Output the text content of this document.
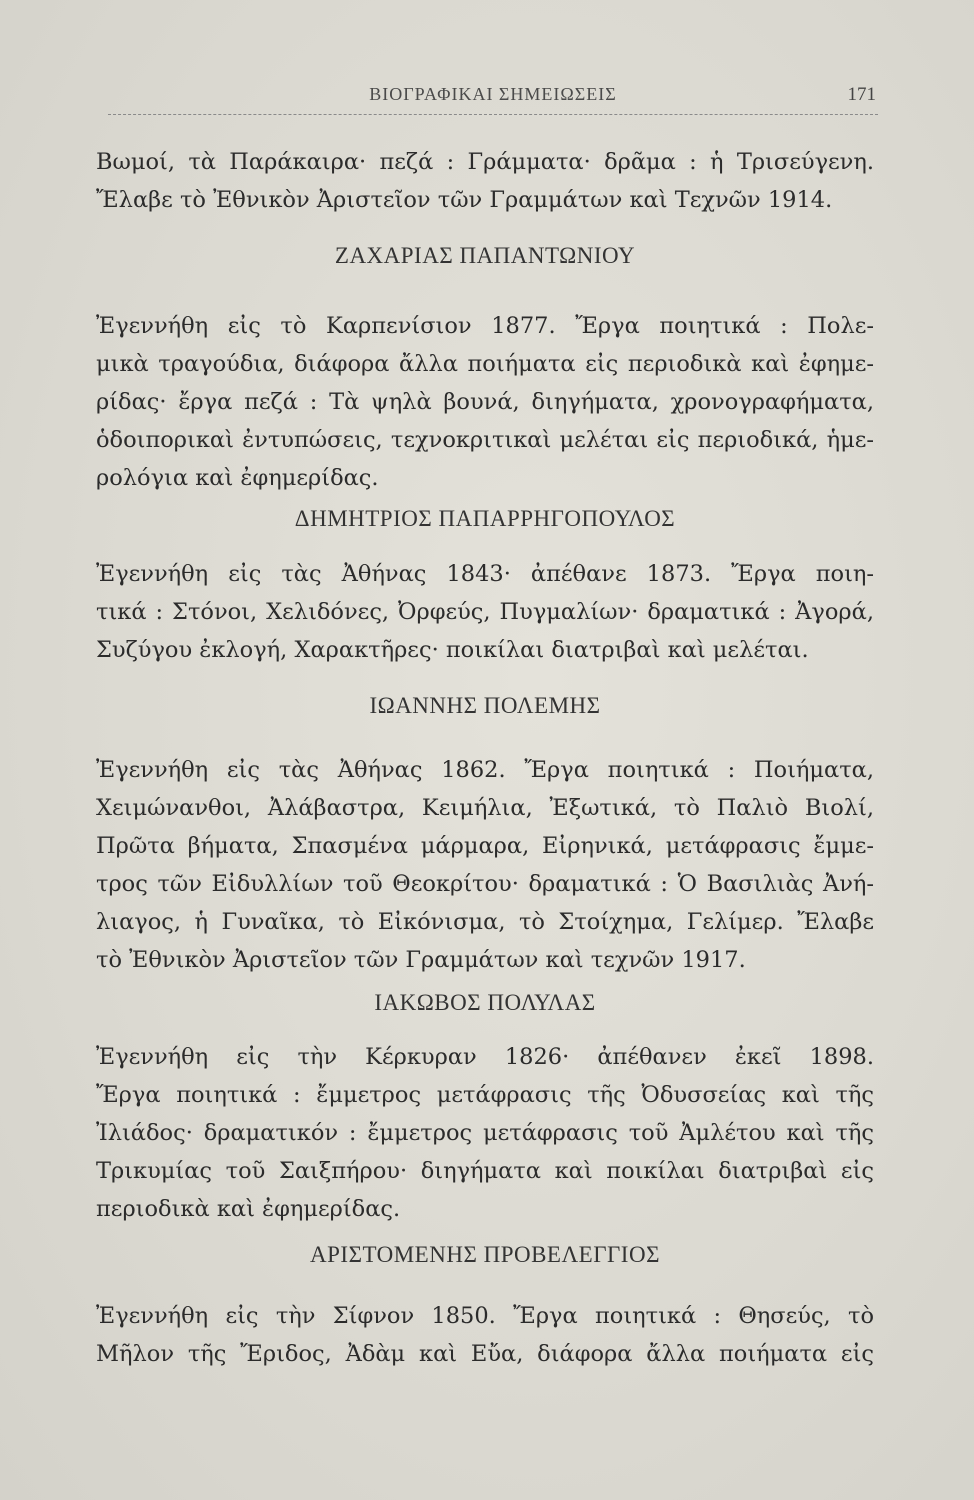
ΒΙΟΓΡΑΦΙΚΑΙ ΣΗΜΕΙΩΣΕΙΣ	171
Βωμοί, τὰ Παράκαιρα· πεζά : Γράμματα· δρᾶμα : ἡ Τρισεύγενη.
Ἔλαβε τὸ Ἐθνικὸν Ἀριστεῖον τῶν Γραμμάτων καὶ Τεχνῶν 1914.
ΖΑΧΑΡΙΑΣ ΠΑΠΑΝΤΩΝΙΟΥ
Ἐγεννήθη εἰς τὸ Καρπενίσιον 1877. Ἔργα ποιητικά : Πολε-
μικὰ τραγούδια, διάφορα ἄλλα ποιήματα εἰς περιοδικὰ καὶ ἐφημε-
ρίδας· ἔργα πεζά : Τὰ ψηλὰ βουνά, διηγήματα, χρονογραφήματα,
ὁδοιπορικαὶ ἐντυπώσεις, τεχνοκριτικαὶ μελέται εἰς περιοδικά, ἡμε-
ρολόγια καὶ ἐφημερίδας.
ΔΗΜΗΤΡΙΟΣ ΠΑΠΑΡΡΗΓΟΠΟΥΛΟΣ
Ἐγεννήθη εἰς τὰς Ἀθήνας 1843· ἀπέθανε 1873. Ἔργα ποιη-
τικά : Στόνοι, Χελιδόνες, Ὀρφεύς, Πυγμαλίων· δραματικά : Ἀγορά,
Συζύγου ἐκλογή, Χαρακτῆρες· ποικίλαι διατριβαὶ καὶ μελέται.
ΙΩΑΝΝΗΣ ΠΟΛΕΜΗΣ
Ἐγεννήθη εἰς τὰς Ἀθήνας 1862. Ἔργα ποιητικά : Ποιήματα,
Χειμώνανθοι, Ἀλάβαστρα, Κειμήλια, Ἐξωτικά, τὸ Παλιὸ Βιολί,
Πρῶτα βήματα, Σπασμένα μάρμαρα, Εἰρηνικά, μετάφρασις ἔμμε-
τρος τῶν Εἰδυλλίων τοῦ Θεοκρίτου· δραματικά : Ὁ Βασιλιὰς Ἀνή-
λιαγος, ἡ Γυναῖκα, τὸ Εἰκόνισμα, τὸ Στοίχημα, Γελίμερ. Ἔλαβε
τὸ Ἐθνικὸν Ἀριστεῖον τῶν Γραμμάτων καὶ τεχνῶν 1917.
ΙΑΚΩΒΟΣ ΠΟΛΥΛΑΣ
Ἐγεννήθη εἰς τὴν Κέρκυραν 1826· ἀπέθανεν ἐκεῖ 1898.
Ἔργα ποιητικά : ἔμμετρος μετάφρασις τῆς Ὀδυσσείας καὶ τῆς
Ἰλιάδος· δραματικόν : ἔμμετρος μετάφρασις τοῦ Ἀμλέτου καὶ τῆς
Τρικυμίας τοῦ Σαιξπήρου· διηγήματα καὶ ποικίλαι διατριβαὶ εἰς
περιοδικὰ καὶ ἐφημερίδας.
ΑΡΙΣΤΟΜΕΝΗΣ ΠΡΟΒΕΛΕΓΓΙΟΣ
Ἐγεννήθη εἰς τὴν Σίφνον 1850. Ἔργα ποιητικά : Θησεύς, τὸ
Μῆλον τῆς Ἔριδος, Ἀδὰμ καὶ Εὔα, διάφορα ἄλλα ποιήματα εἰς
